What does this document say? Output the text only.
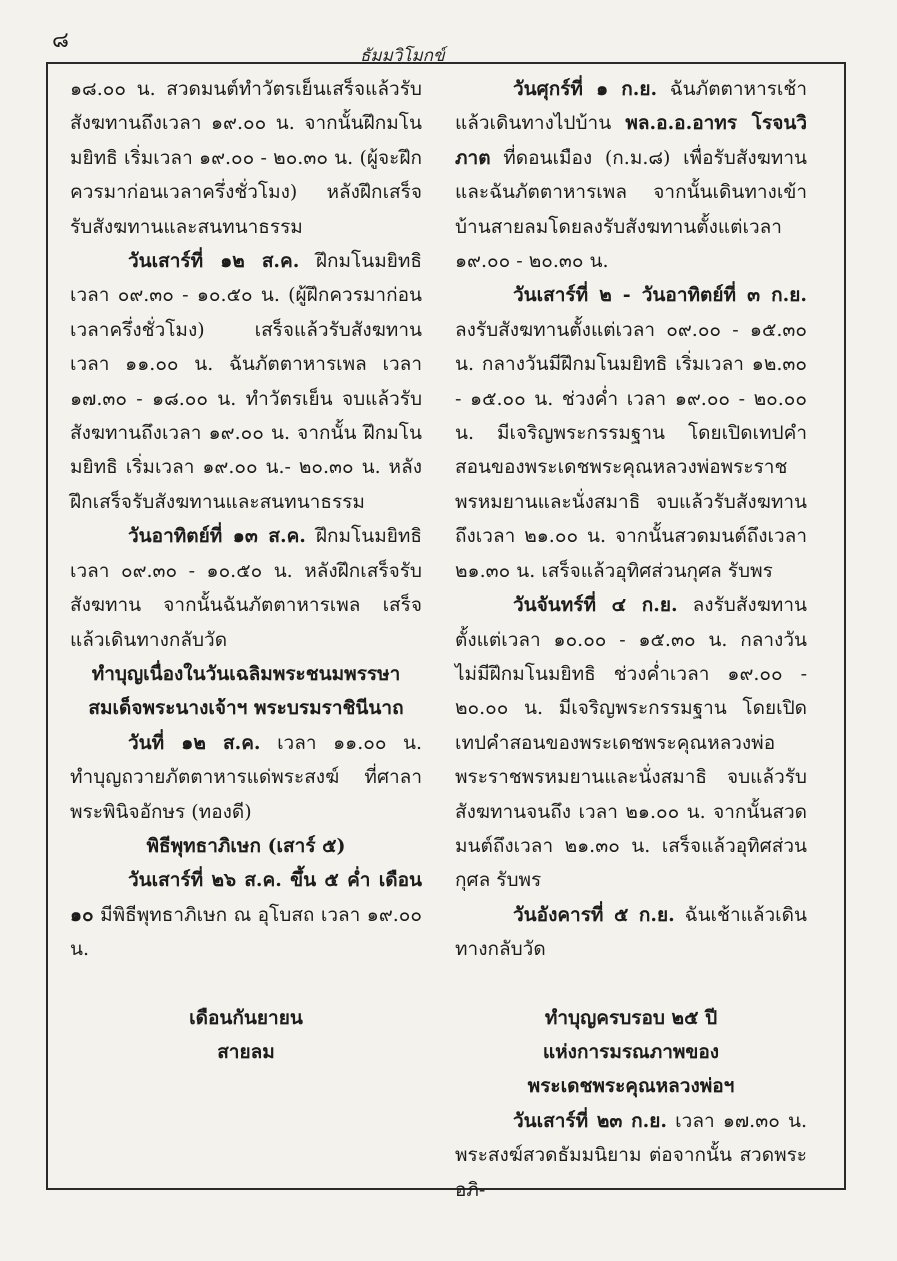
๘
ธัมมวิโมกข์

๑๘.๐๐ น. สวดมนต์ทำวัตรเย็นเสร็จแล้วรับสังฆทานถึงเวลา ๑๙.๐๐ น. จากนั้นฝึกมโนมยิทธิ เริ่มเวลา ๑๙.๐๐ - ๒๐.๓๐ น. (ผู้จะฝึกควรมาก่อนเวลาครึ่งชั่วโมง) หลังฝึกเสร็จ รับสังฆทานและสนทนาธรรม

วันเสาร์ที่ ๑๒ ส.ค. ฝึกมโนมยิทธิ เวลา ๐๙.๓๐ - ๑๐.๕๐ น. (ผู้ฝึกควรมาก่อนเวลาครึ่งชั่วโมง) เสร็จแล้วรับสังฆทาน เวลา ๑๑.๐๐ น. ฉันภัตตาหารเพล เวลา ๑๗.๓๐ - ๑๘.๐๐ น. ทำวัตรเย็น จบแล้วรับสังฆทานถึงเวลา ๑๙.๐๐ น. จากนั้น ฝึกมโนมยิทธิ เริ่มเวลา ๑๙.๐๐ น.- ๒๐.๓๐ น. หลังฝึกเสร็จรับสังฆทานและสนทนาธรรม

วันอาทิตย์ที่ ๑๓ ส.ค. ฝึกมโนมยิทธิ เวลา ๐๙.๓๐ - ๑๐.๕๐ น. หลังฝึกเสร็จรับสังฆทาน จากนั้นฉันภัตตาหารเพล เสร็จแล้วเดินทางกลับวัด

ทำบุญเนื่องในวันเฉลิมพระชนมพรรษา

สมเด็จพระนางเจ้าฯ พระบรมราชินีนาถ

วันที่ ๑๒ ส.ค. เวลา ๑๑.๐๐ น. ทำบุญถวายภัตตาหารแด่พระสงฆ์ ที่ศาลาพระพินิจอักษร (ทองดี)

พิธีพุทธาภิเษก (เสาร์ ๕)

วันเสาร์ที่ ๒๖ ส.ค. ขึ้น ๕ ค่ำ เดือน ๑๐ มีพิธีพุทธาภิเษก ณ อุโบสถ เวลา ๑๙.๐๐ น.

เดือนกันยายน

สายลม

วันศุกร์ที่ ๑ ก.ย. ฉันภัตตาหารเช้าแล้วเดินทางไปบ้าน พล.อ.อ.อาทร โรจนวิภาต ที่ดอนเมือง (ก.ม.๘) เพื่อรับสังฆทานและฉันภัตตาหารเพล จากนั้นเดินทางเข้าบ้านสายลมโดยลงรับสังฆทานตั้งแต่เวลา ๑๙.๐๐ - ๒๐.๓๐ น.

วันเสาร์ที่ ๒ - วันอาทิตย์ที่ ๓ ก.ย. ลงรับสังฆทานตั้งแต่เวลา ๐๙.๐๐ - ๑๕.๓๐ น. กลางวันมีฝึกมโนมยิทธิ เริ่มเวลา ๑๒.๓๐ - ๑๕.๐๐ น. ช่วงค่ำ เวลา ๑๙.๐๐ - ๒๐.๐๐ น. มีเจริญพระกรรมฐาน โดยเปิดเทปคำสอนของพระเดชพระคุณหลวงพ่อพระราชพรหมยานและนั่งสมาธิ จบแล้วรับสังฆทานถึงเวลา ๒๑.๐๐ น. จากนั้นสวดมนต์ถึงเวลา ๒๑.๓๐ น. เสร็จแล้วอุทิศส่วนกุศล รับพร

วันจันทร์ที่ ๔ ก.ย. ลงรับสังฆทาน ตั้งแต่เวลา ๑๐.๐๐ - ๑๕.๓๐ น. กลางวันไม่มีฝึกมโนมยิทธิ ช่วงค่ำเวลา ๑๙.๐๐ - ๒๐.๐๐ น. มีเจริญพระกรรมฐาน โดยเปิดเทปคำสอนของพระเดชพระคุณหลวงพ่อพระราชพรหมยานและนั่งสมาธิ จบแล้วรับสังฆทานจนถึง เวลา ๒๑.๐๐ น. จากนั้นสวดมนต์ถึงเวลา ๒๑.๓๐ น. เสร็จแล้วอุทิศส่วนกุศล รับพร

วันอังคารที่ ๕ ก.ย. ฉันเช้าแล้วเดินทางกลับวัด

ทำบุญครบรอบ ๒๕ ปี

แห่งการมรณภาพของ

พระเดชพระคุณหลวงพ่อฯ

วันเสาร์ที่ ๒๓ ก.ย. เวลา ๑๗.๓๐ น. พระสงฆ์สวดธัมมนิยาม ต่อจากนั้น สวดพระอภิ-
